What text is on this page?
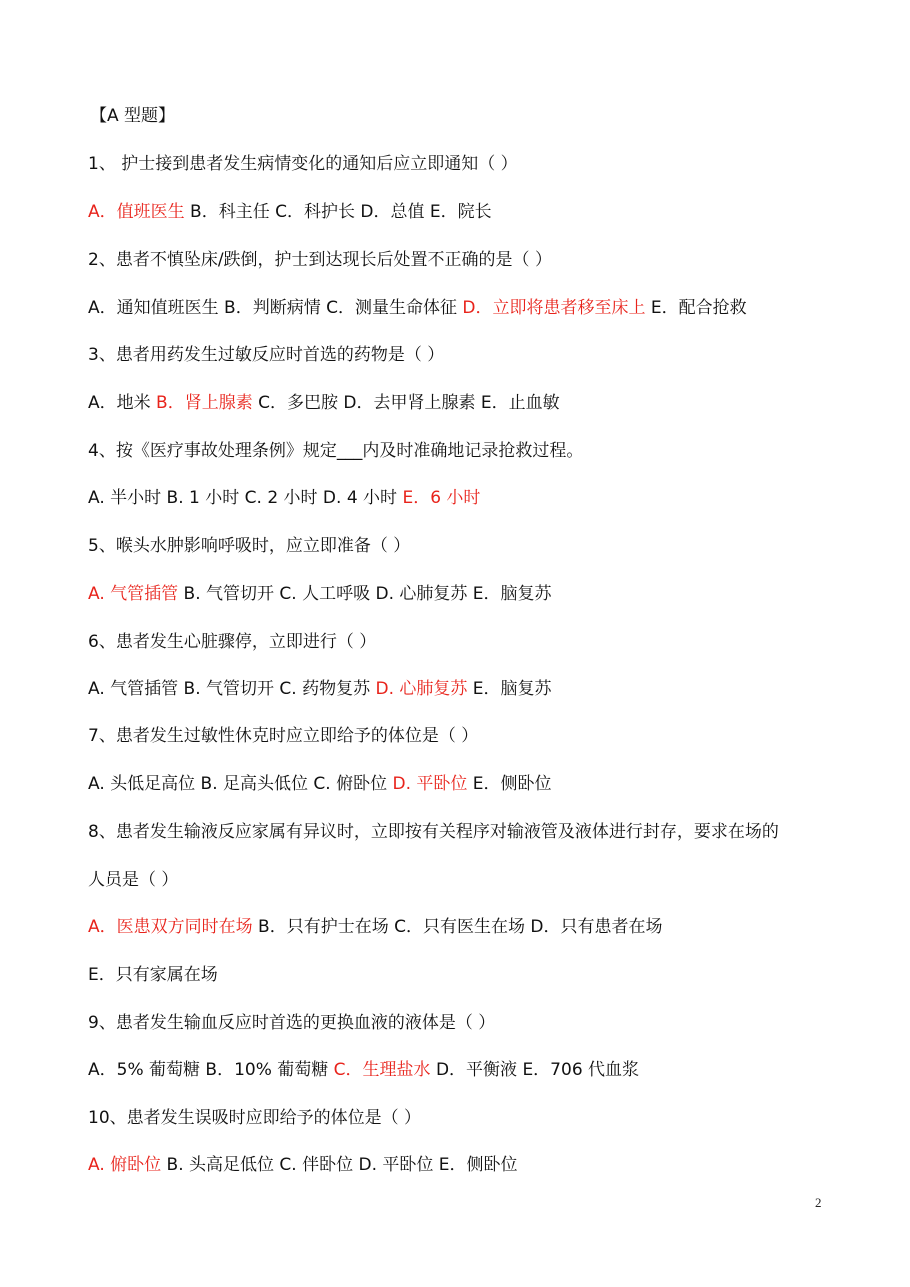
【A 型题】
1、 护士接到患者发生病情变化的通知后应立即通知（ ）
A．值班医生 B．科主任 C．科护长 D．总值 E．院长
2、患者不慎坠床/跌倒，护士到达现长后处置不正确的是（ ）
A．通知值班医生 B．判断病情 C．测量生命体征 D．立即将患者移至床上 E．配合抢救
3、患者用药发生过敏反应时首选的药物是（ ）
A．地米 B．肾上腺素 C．多巴胺 D．去甲肾上腺素 E．止血敏
4、按《医疗事故处理条例》规定___内及时准确地记录抢救过程。
A. 半小时 B. 1 小时 C. 2 小时 D. 4 小时 E．6 小时
5、喉头水肿影响呼吸时，应立即准备（ ）
A. 气管插管 B. 气管切开 C. 人工呼吸 D. 心肺复苏 E．脑复苏
6、患者发生心脏骤停，立即进行（ ）
A. 气管插管 B. 气管切开 C. 药物复苏 D. 心肺复苏 E．脑复苏
7、患者发生过敏性休克时应立即给予的体位是（ ）
A. 头低足高位 B. 足高头低位 C. 俯卧位 D. 平卧位 E．侧卧位
8、患者发生输液反应家属有异议时，立即按有关程序对输液管及液体进行封存，要求在场的
人员是（ ）
A．医患双方同时在场 B．只有护士在场 C．只有医生在场 D．只有患者在场
E．只有家属在场
9、患者发生输血反应时首选的更换血液的液体是（ ）
A．5% 葡萄糖 B．10% 葡萄糖 C．生理盐水 D．平衡液 E．706 代血浆
10、患者发生误吸时应即给予的体位是（ ）
A. 俯卧位 B. 头高足低位 C. 伴卧位 D. 平卧位 E．侧卧位
2
